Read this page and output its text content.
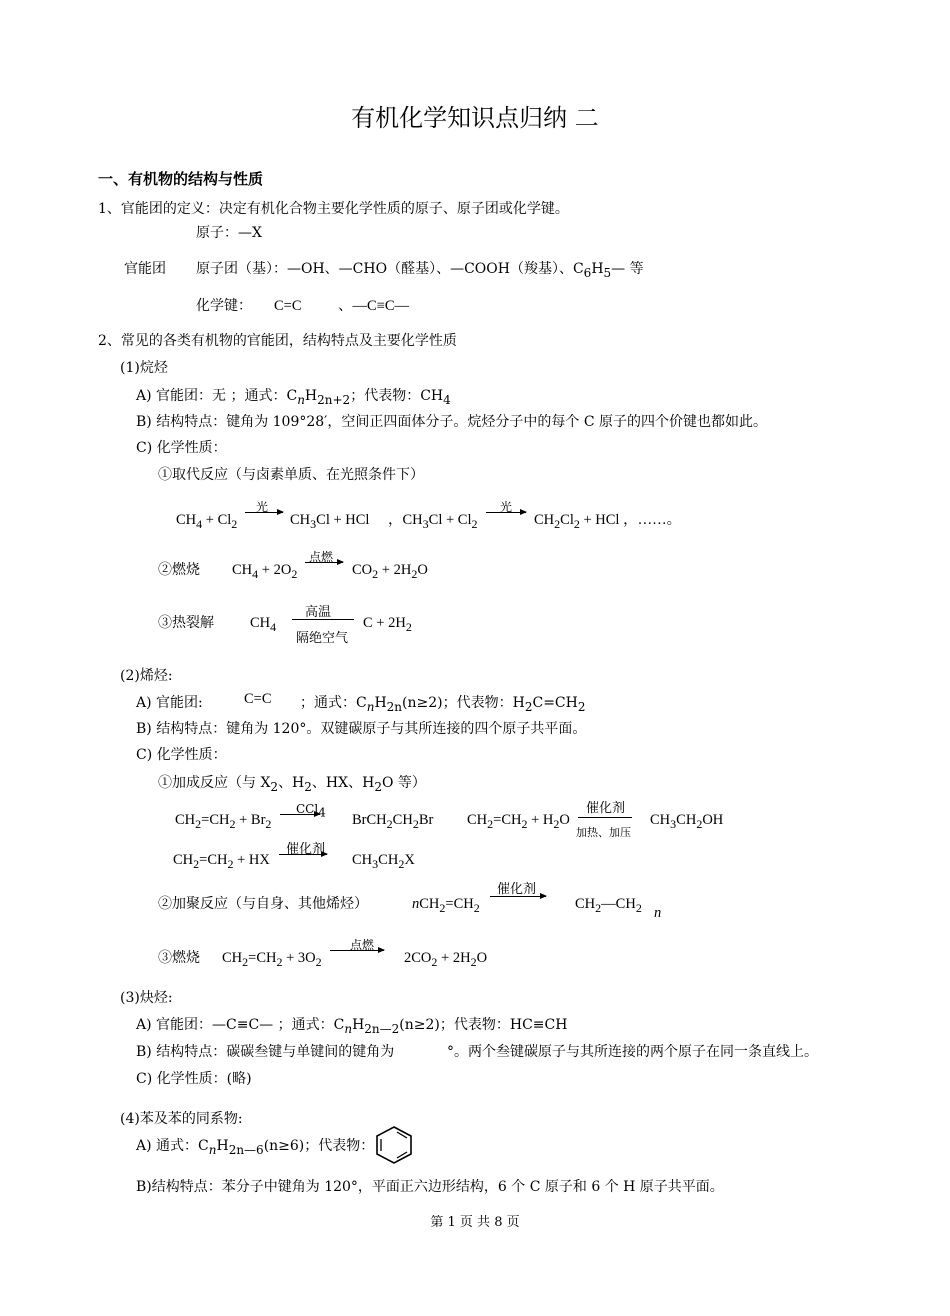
有机化学知识点归纳 二
一、有机物的结构与性质
1、官能团的定义：决定有机化合物主要化学性质的原子、原子团或化学键。
原子：—X
官能团 原子团（基）：—OH、—CHO（醛基）、—COOH（羧基）、$C_6H_5—$ 等
化学键： C=C	、—C≡C—
2、常见的各类有机物的官能团，结构特点及主要化学性质
(1)烷烃
A) 官能团：无 ；通式：$C_nH_{2n+2}$；代表物：$CH_4$
B) 结构特点：键角为 109°28′，空间正四面体分子。烷烃分子中的每个 C 原子的四个价键也都如此。
C) 化学性质：
①取代反应（与卤素单质、在光照条件下）
$CH_4 + Cl_2$
光
→ $CH_3Cl$ + HCl ，$CH_3Cl + Cl_2$
光
→ $CH_2Cl_2$ + HCl ，……。
②燃烧 $CH_4 + 2O_2$
点燃
→ $CO_2 + 2H_2O$
③热裂解 $CH_4$
高温
隔绝空气
$C + 2H_2$
(2)烯烃:
A) 官能团:	C=C ；通式：$C_nH_{2n}(n\ge 2)$；代表物：$H_2C=CH_2$
B) 结构特点：键角为 120°。双键碳原子与其所连接的四个原子共平面。
C) 化学性质：
①加成反应（与 $X_2$、$H_2$、HX、$H_2O$ 等）
$CH_2=CH_2 + Br_2$
CCl$_4$ $BrCH_2CH_2Br$ $CH_2=CH_2 + H_2O$
催化剂
加热、加压
$CH_3CH_2OH$
$CH_2=CH_2$ + HX
催化剂
$CH_3CH_2X$
②加聚反应（与自身、其他烯烃）	$nCH_2=CH_2$
催化剂
$CH_2—CH_2$ n
③燃烧 $CH_2=CH_2 + 3O_2$
点燃
→ $2CO_2 + 2H_2O$
(3)炔烃:
A) 官能团：—C≡C— ；通式：$C_nH_{2n—2}(n\ge 2)$；代表物：HC≡CH
B) 结构特点：碳碳叁键与单键间的键角为	°。两个叁键碳原子与其所连接的两个原子在同一条直线上。
C) 化学性质：(略)
(4)苯及苯的同系物:
A) 通式：$C_nH_{2n—6}(n\ge 6)$；代表物：
B)结构特点：苯分子中键角为 120°，平面正六边形结构，6 个 C 原子和 6 个 H 原子共平面。
第 1 页 共 8 页
